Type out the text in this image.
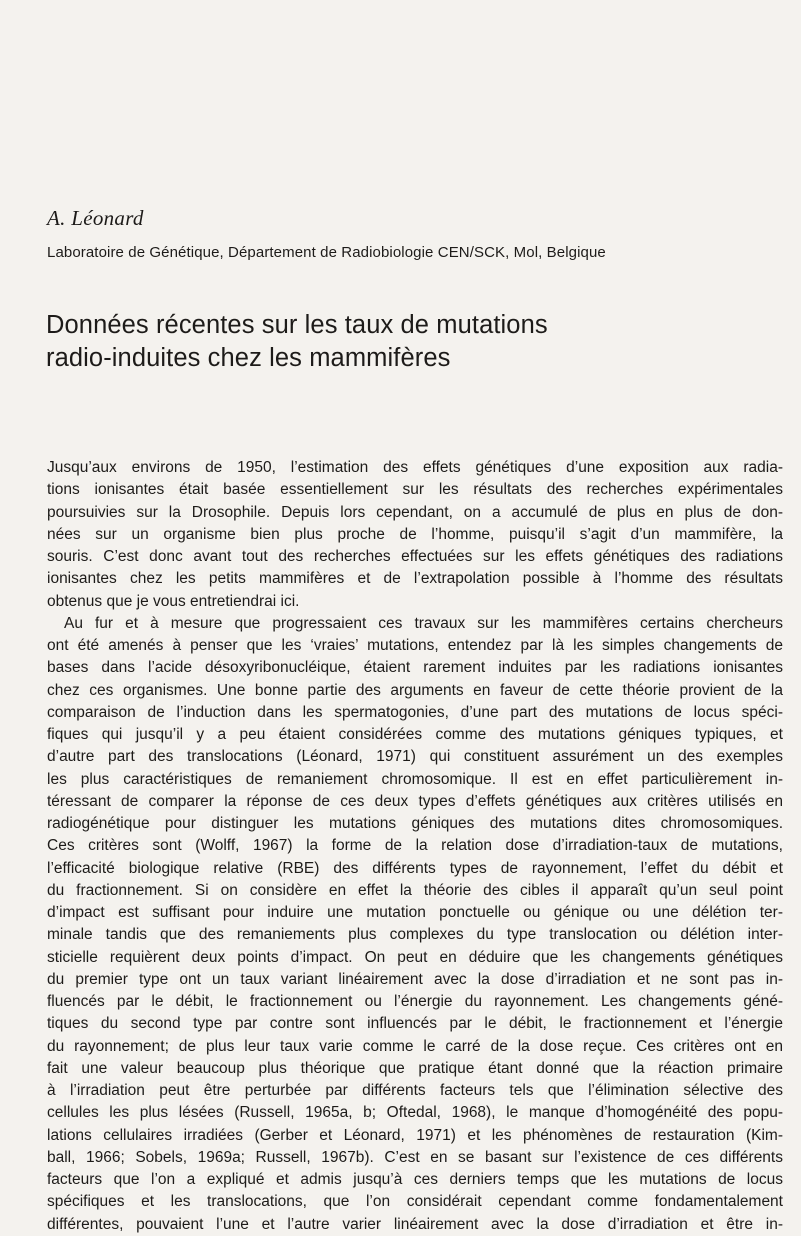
A. Léonard
Laboratoire de Génétique, Département de Radiobiologie CEN/SCK, Mol, Belgique
Données récentes sur les taux de mutations
radio-induites chez les mammifères
Jusqu’aux environs de 1950, l’estimation des effets génétiques d’une exposition aux radia-
tions ionisantes était basée essentiellement sur les résultats des recherches expérimentales
poursuivies sur la Drosophile. Depuis lors cependant, on a accumulé de plus en plus de don-
nées sur un organisme bien plus proche de l’homme, puisqu’il s’agit d’un mammifère, la
souris. C’est donc avant tout des recherches effectuées sur les effets génétiques des radiations
ionisantes chez les petits mammifères et de l’extrapolation possible à l’homme des résultats
obtenus que je vous entretiendrai ici.
Au fur et à mesure que progressaient ces travaux sur les mammifères certains chercheurs
ont été amenés à penser que les ‘vraies’ mutations, entendez par là les simples changements de
bases dans l’acide désoxyribonucléique, étaient rarement induites par les radiations ionisantes
chez ces organismes. Une bonne partie des arguments en faveur de cette théorie provient de la
comparaison de l’induction dans les spermatogonies, d’une part des mutations de locus spéci-
fiques qui jusqu’il y a peu étaient considérées comme des mutations géniques typiques, et
d’autre part des translocations (Léonard, 1971) qui constituent assurément un des exemples
les plus caractéristiques de remaniement chromosomique. Il est en effet particulièrement in-
téressant de comparer la réponse de ces deux types d’effets génétiques aux critères utilisés en
radiogénétique pour distinguer les mutations géniques des mutations dites chromosomiques.
Ces critères sont (Wolff, 1967) la forme de la relation dose d’irradiation-taux de mutations,
l’efficacité biologique relative (RBE) des différents types de rayonnement, l’effet du débit et
du fractionnement. Si on considère en effet la théorie des cibles il apparaît qu’un seul point
d’impact est suffisant pour induire une mutation ponctuelle ou génique ou une délétion ter-
minale tandis que des remaniements plus complexes du type translocation ou délétion inter-
sticielle requièrent deux points d’impact. On peut en déduire que les changements génétiques
du premier type ont un taux variant linéairement avec la dose d’irradiation et ne sont pas in-
fluencés par le débit, le fractionnement ou l’énergie du rayonnement. Les changements géné-
tiques du second type par contre sont influencés par le débit, le fractionnement et l’énergie
du rayonnement; de plus leur taux varie comme le carré de la dose reçue. Ces critères ont en
fait une valeur beaucoup plus théorique que pratique étant donné que la réaction primaire
à l’irradiation peut être perturbée par différents facteurs tels que l’élimination sélective des
cellules les plus lésées (Russell, 1965a, b; Oftedal, 1968), le manque d’homogénéité des popu-
lations cellulaires irradiées (Gerber et Léonard, 1971) et les phénomènes de restauration (Kim-
ball, 1966; Sobels, 1969a; Russell, 1967b). C’est en se basant sur l’existence de ces différents
facteurs que l’on a expliqué et admis jusqu’à ces derniers temps que les mutations de locus
spécifiques et les translocations, que l’on considérait cependant comme fondamentalement
différentes, pouvaient l’une et l’autre varier linéairement avec la dose d’irradiation et être in-
